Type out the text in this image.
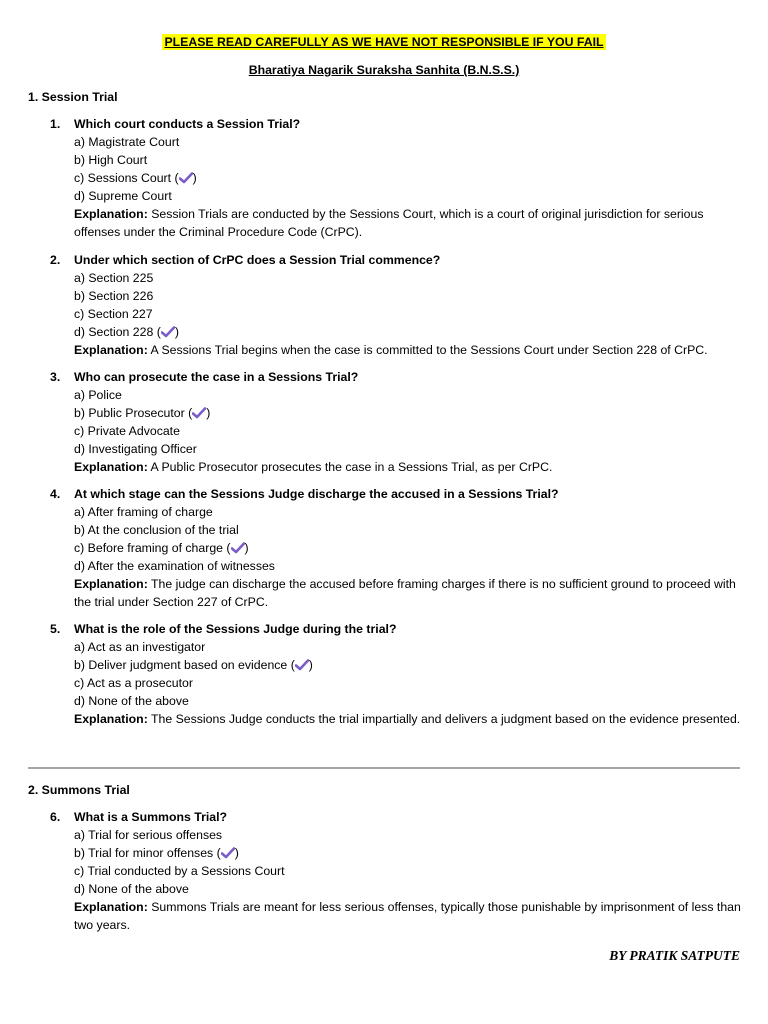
PLEASE READ CAREFULLY AS WE HAVE NOT RESPONSIBLE IF YOU FAIL
Bharatiya Nagarik Suraksha Sanhita (B.N.S.S.)
1. Session Trial
1.	Which court conducts a Session Trial?
a) Magistrate Court
b) High Court
c) Sessions Court ( )
d) Supreme Court
Explanation: Session Trials are conducted by the Sessions Court, which is a court of original jurisdiction for serious offenses under the Criminal Procedure Code (CrPC).
2.	Under which section of CrPC does a Session Trial commence?
a) Section 225
b) Section 226
c) Section 227
d) Section 228 ( )
Explanation: A Sessions Trial begins when the case is committed to the Sessions Court under Section 228 of CrPC.
3.	Who can prosecute the case in a Sessions Trial?
a) Police
b) Public Prosecutor ( )
c) Private Advocate
d) Investigating Officer
Explanation: A Public Prosecutor prosecutes the case in a Sessions Trial, as per CrPC.
4.	At which stage can the Sessions Judge discharge the accused in a Sessions Trial?
a) After framing of charge
b) At the conclusion of the trial
c) Before framing of charge ( )
d) After the examination of witnesses
Explanation: The judge can discharge the accused before framing charges if there is no sufficient ground to proceed with the trial under Section 227 of CrPC.
5.	What is the role of the Sessions Judge during the trial?
a) Act as an investigator
b) Deliver judgment based on evidence ( )
c) Act as a prosecutor
d) None of the above
Explanation: The Sessions Judge conducts the trial impartially and delivers a judgment based on the evidence presented.
2. Summons Trial
6.	What is a Summons Trial?
a) Trial for serious offenses
b) Trial for minor offenses ( )
c) Trial conducted by a Sessions Court
d) None of the above
Explanation: Summons Trials are meant for less serious offenses, typically those punishable by imprisonment of less than two years.
BY PRATIK SATPUTE
